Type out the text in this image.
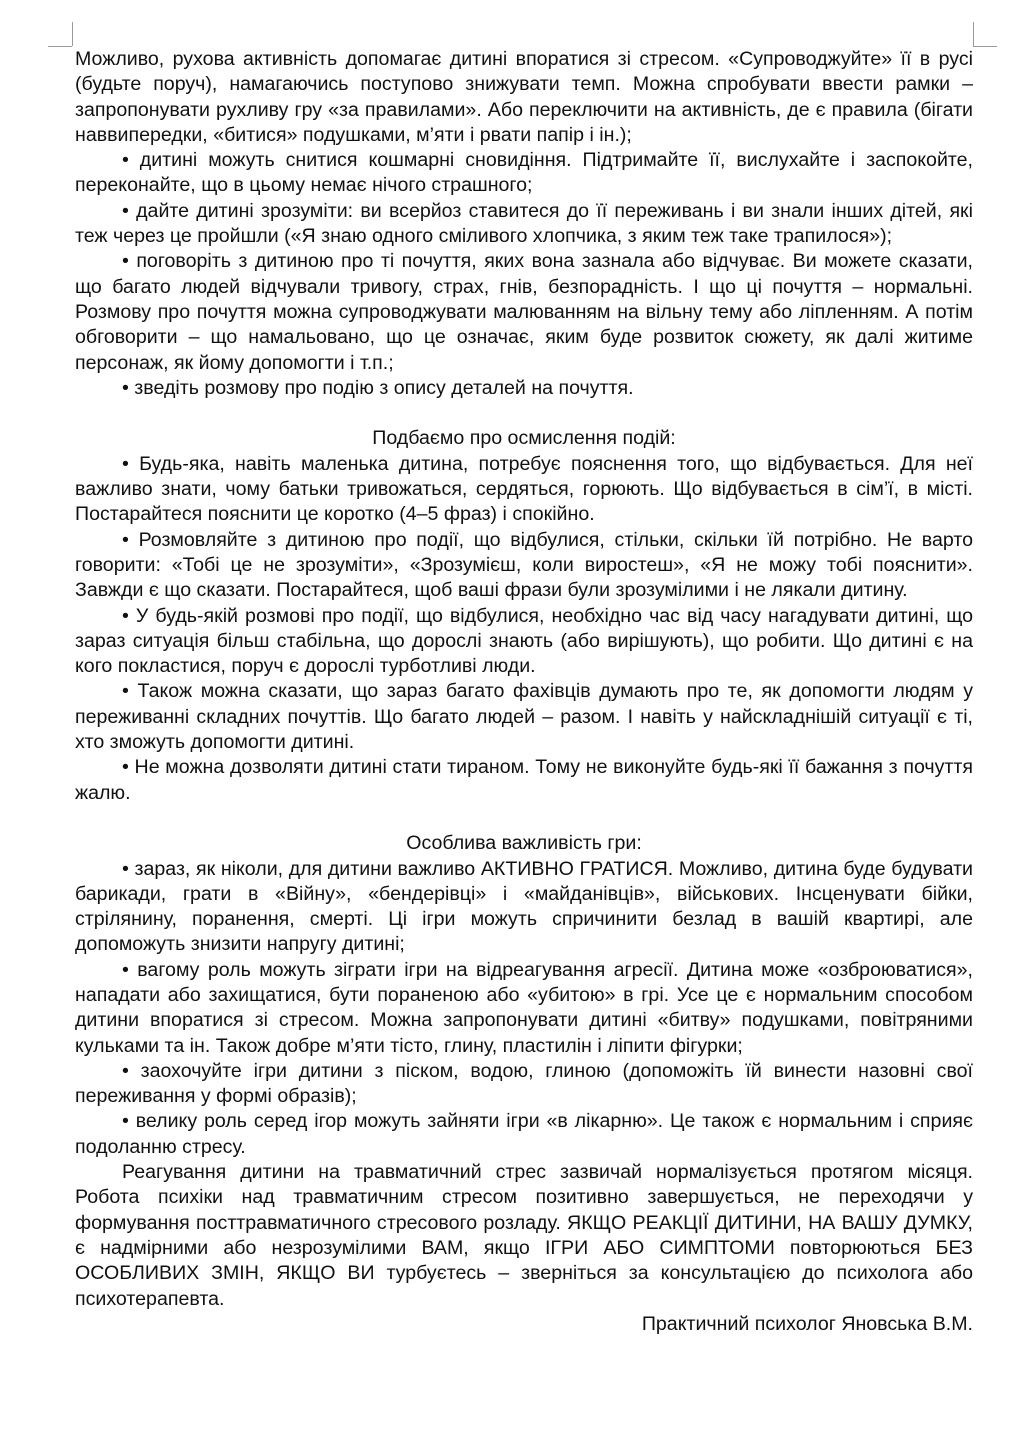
Можливо, рухова активність допомагає дитині впоратися зі стресом. «Супроводжуйте» її в русі (будьте поруч), намагаючись поступово знижувати темп. Можна спробувати ввести рамки – запропонувати рухливу гру «за правилами». Або переключити на активність, де є правила (бігати наввипередки, «битися» подушками, м’яти і рвати папір і ін.);

• дитині можуть снитися кошмарні сновидіння. Підтримайте її, вислухайте і заспокойте, переконайте, що в цьому немає нічого страшного;

• дайте дитині зрозуміти: ви всерйоз ставитеся до її переживань і ви знали інших дітей, які теж через це пройшли («Я знаю одного сміливого хлопчика, з яким теж таке трапилося»);

• поговоріть з дитиною про ті почуття, яких вона зазнала або відчуває. Ви можете сказати, що багато людей відчували тривогу, страх, гнів, безпорадність. І що ці почуття – нормальні. Розмову про почуття можна супроводжувати малюванням на вільну тему або ліпленням. А потім обговорити – що намальовано, що це означає, яким буде розвиток сюжету, як далі житиме персонаж, як йому допомогти і т.п.;

• зведіть розмову про подію з опису деталей на почуття.

Подбаємо про осмислення подій:

• Будь-яка, навіть маленька дитина, потребує пояснення того, що відбувається. Для неї важливо знати, чому батьки тривожаться, сердяться, горюють. Що відбувається в сім’ї, в місті. Постарайтеся пояснити це коротко (4–5 фраз) і спокійно.

• Розмовляйте з дитиною про події, що відбулися, стільки, скільки їй потрібно. Не варто говорити: «Тобі це не зрозуміти», «Зрозумієш, коли виростеш», «Я не можу тобі пояснити». Завжди є що сказати. Постарайтеся, щоб ваші фрази були зрозумілими і не лякали дитину.

• У будь-якій розмові про події, що відбулися, необхідно час від часу нагадувати дитині, що зараз ситуація більш стабільна, що дорослі знають (або вирішують), що робити. Що дитині є на кого покластися, поруч є дорослі турботливі люди.

• Також можна сказати, що зараз багато фахівців думають про те, як допомогти людям у переживанні складних почуттів. Що багато людей – разом. І навіть у найскладнішій ситуації є ті, хто зможуть допомогти дитині.

• Не можна дозволяти дитині стати тираном. Тому не виконуйте будь-які її бажання з почуття жалю.

Особлива важливість гри:

• зараз, як ніколи, для дитини важливо АКТИВНО ГРАТИСЯ. Можливо, дитина буде будувати барикади, грати в «Війну», «бендерівці» і «майданівців», військових. Інсценувати бійки, стрілянину, поранення, смерті. Ці ігри можуть спричинити безлад в вашій квартирі, але допоможуть знизити напругу дитині;

• вагому роль можуть зіграти ігри на відреагування агресії. Дитина може «озброюватися», нападати або захищатися, бути пораненою або «убитою» в грі. Усе це є нормальним способом дитини впоратися зі стресом. Можна запропонувати дитині «битву» подушками, повітряними кульками та ін. Також добре м’яти тісто, глину, пластилін і ліпити фігурки;

• заохочуйте ігри дитини з піском, водою, глиною (допоможіть їй винести назовні свої переживання у формі образів);

• велику роль серед ігор можуть зайняти ігри «в лікарню». Це також є нормальним і сприяє подоланню стресу.

Реагування дитини на травматичний стрес зазвичай нормалізується протягом місяця. Робота психіки над травматичним стресом позитивно завершується, не переходячи у формування посттравматичного стресового розладу. ЯКЩО РЕАКЦІЇ ДИТИНИ, НА ВАШУ ДУМКУ, є надмірними або незрозумілими ВАМ, якщо ІГРИ АБО СИМПТОМИ повторюються БЕЗ ОСОБЛИВИХ ЗМІН, ЯКЩО ВИ турбуєтесь – зверніться за консультацією до психолога або психотерапевта.

Практичний психолог Яновська В.М.
